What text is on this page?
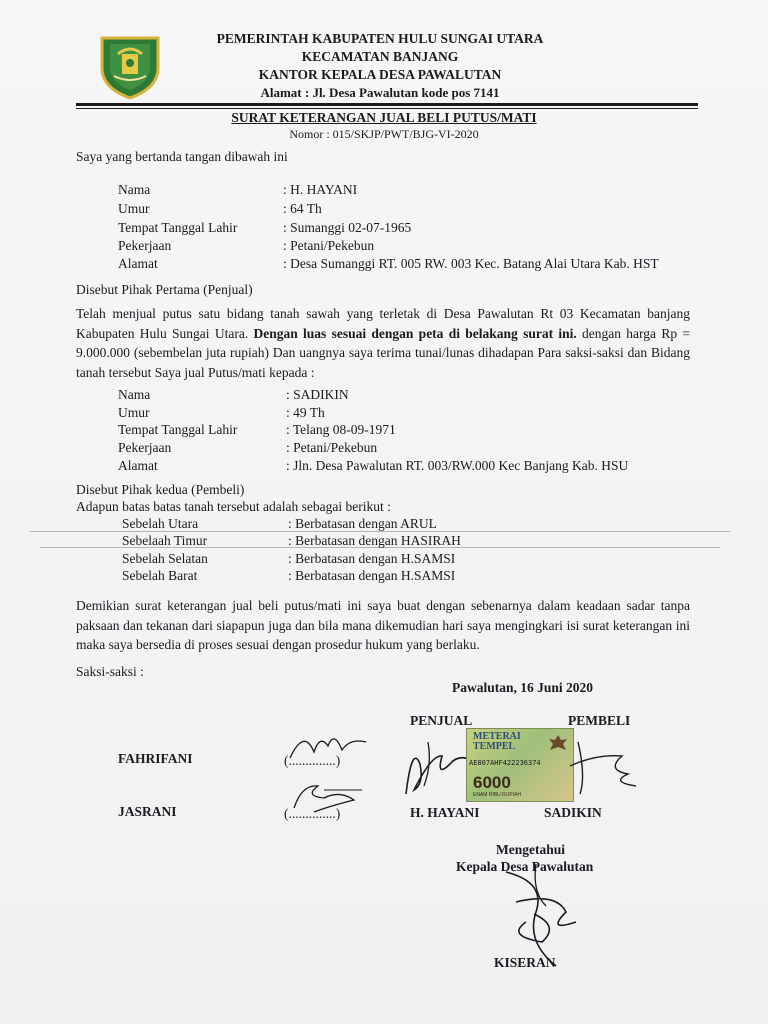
PEMERINTAH KABUPATEN HULU SUNGAI UTARA
KECAMATAN BANJANG
KANTOR KEPALA DESA PAWALUTAN
Alamat : Jl. Desa Pawalutan kode pos 7141
SURAT KETERANGAN JUAL BELI PUTUS/MATI
Nomor : 015/SKJP/PWT/BJG-VI-2020
Saya yang bertanda tangan dibawah ini
Nama	: H. HAYANI
Umur	: 64 Th
Tempat Tanggal Lahir	: Sumanggi 02-07-1965
Pekerjaan	: Petani/Pekebun
Alamat	: Desa Sumanggi RT. 005 RW. 003 Kec. Batang Alai Utara Kab. HST
Disebut Pihak Pertama (Penjual)
Telah menjual putus satu bidang tanah sawah yang terletak di Desa Pawalutan Rt 03 Kecamatan banjang Kabupaten Hulu Sungai Utara. Dengan luas sesuai dengan peta di belakang surat ini. dengan harga Rp = 9.000.000 (sebembelan juta rupiah) Dan uangnya saya terima tunai/lunas dihadapan Para saksi-saksi dan Bidang tanah tersebut Saya jual Putus/mati kepada :
Nama	: SADIKIN
Umur	: 49 Th
Tempat Tanggal Lahir	: Telang 08-09-1971
Pekerjaan	: Petani/Pekebun
Alamat	: Jln. Desa Pawalutan RT. 003/RW.000 Kec Banjang Kab. HSU
Disebut Pihak kedua (Pembeli)
Adapun batas batas tanah tersebut adalah sebagai berikut :
Sebelah Utara	: Berbatasan dengan ARUL
Sebelaah Timur	: Berbatasan dengan HASIRAH
Sebelah Selatan	: Berbatasan dengan H.SAMSI
Sebelah Barat	: Berbatasan dengan H.SAMSI
Demikian surat keterangan jual beli putus/mati ini saya buat dengan sebenarnya dalam keadaan sadar tanpa paksaan dan tekanan dari siapapun juga dan bila mana dikemudian hari saya mengingkari isi surat keterangan ini maka saya bersedia di proses sesuai dengan prosedur hukum yang berlaku.
Saksi-saksi :
Pawalutan, 16 Juni 2020
PENJUAL	PEMBELI
FAHRIFANI	(..............)
JASRANI	(..............)
METERAI
TEMPEL
AE807AHF422236374
6000
ENAM RIBU RUPIAH
H. HAYANI	SADIKIN
Mengetahui
Kepala Desa Pawalutan
KISERAN
